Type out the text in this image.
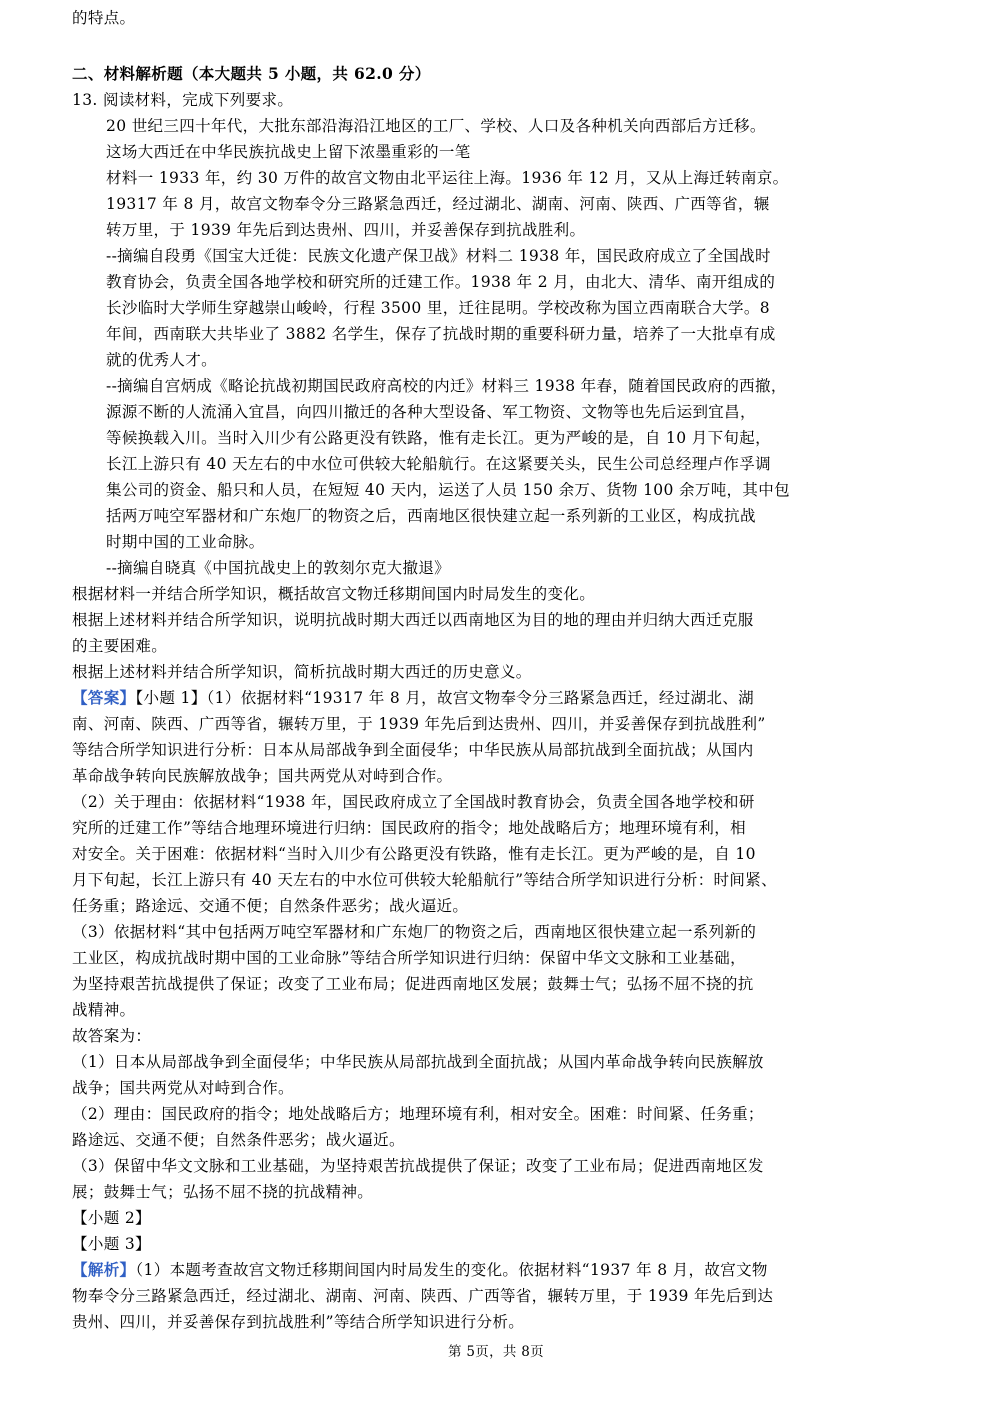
的特点。
二、材料解析题（本大题共 5 小题，共 62.0 分）
13. 阅读材料，完成下列要求。
20 世纪三四十年代，大批东部沿海沿江地区的工厂、学校、人口及各种机关向西部后方迁移。
这场大西迁在中华民族抗战史上留下浓墨重彩的一笔
材料一 1933 年，约 30 万件的故宫文物由北平运往上海。1936 年 12 月，又从上海迁转南京。
19317 年 8 月，故宫文物奉令分三路紧急西迁，经过湖北、湖南、河南、陕西、广西等省，辗
转万里，于 1939 年先后到达贵州、四川，并妥善保存到抗战胜利。
--摘编自段勇《国宝大迁徙：民族文化遗产保卫战》材料二 1938 年，国民政府成立了全国战时
教育协会，负责全国各地学校和研究所的迁建工作。1938 年 2 月，由北大、清华、南开组成的
长沙临时大学师生穿越崇山峻岭，行程 3500 里，迁往昆明。学校改称为国立西南联合大学。8
年间，西南联大共毕业了 3882 名学生，保存了抗战时期的重要科研力量，培养了一大批卓有成
就的优秀人才。
--摘编自宫炳成《略论抗战初期国民政府高校的内迁》材料三 1938 年春，随着国民政府的西撤，
源源不断的人流涌入宜昌，向四川撤迁的各种大型设备、军工物资、文物等也先后运到宜昌，
等候换载入川。当时入川少有公路更没有铁路，惟有走长江。更为严峻的是，自 10 月下旬起，
长江上游只有 40 天左右的中水位可供较大轮船航行。在这紧要关头，民生公司总经理卢作孚调
集公司的资金、船只和人员，在短短 40 天内，运送了人员 150 余万、货物 100 余万吨，其中包
括两万吨空军器材和广东炮厂的物资之后，西南地区很快建立起一系列新的工业区，构成抗战
时期中国的工业命脉。
--摘编自晓真《中国抗战史上的敦刻尔克大撤退》
根据材料一并结合所学知识，概括故宫文物迁移期间国内时局发生的变化。
根据上述材料并结合所学知识，说明抗战时期大西迁以西南地区为目的地的理由并归纳大西迁克服
的主要困难。
根据上述材料并结合所学知识，简析抗战时期大西迁的历史意义。
【答案】【小题 1】（1）依据材料“19317 年 8 月，故宫文物奉令分三路紧急西迁，经过湖北、湖
南、河南、陕西、广西等省，辗转万里，于 1939 年先后到达贵州、四川，并妥善保存到抗战胜利”
等结合所学知识进行分析：日本从局部战争到全面侵华；中华民族从局部抗战到全面抗战；从国内
革命战争转向民族解放战争；国共两党从对峙到合作。
（2）关于理由：依据材料“1938 年，国民政府成立了全国战时教育协会，负责全国各地学校和研
究所的迁建工作”等结合地理环境进行归纳：国民政府的指令；地处战略后方；地理环境有利，相
对安全。关于困难：依据材料“当时入川少有公路更没有铁路，惟有走长江。更为严峻的是，自 10
月下旬起，长江上游只有 40 天左右的中水位可供较大轮船航行”等结合所学知识进行分析：时间紧、
任务重；路途远、交通不便；自然条件恶劣；战火逼近。
（3）依据材料“其中包括两万吨空军器材和广东炮厂的物资之后，西南地区很快建立起一系列新的
工业区，构成抗战时期中国的工业命脉”等结合所学知识进行归纳：保留中华文文脉和工业基础，
为坚持艰苦抗战提供了保证；改变了工业布局；促进西南地区发展；鼓舞士气；弘扬不屈不挠的抗
战精神。
故答案为：
（1）日本从局部战争到全面侵华；中华民族从局部抗战到全面抗战；从国内革命战争转向民族解放
战争；国共两党从对峙到合作。
（2）理由：国民政府的指令；地处战略后方；地理环境有利，相对安全。困难：时间紧、任务重；
路途远、交通不便；自然条件恶劣；战火逼近。
（3）保留中华文文脉和工业基础，为坚持艰苦抗战提供了保证；改变了工业布局；促进西南地区发
展；鼓舞士气；弘扬不屈不挠的抗战精神。
【小题 2】
【小题 3】
【解析】（1）本题考查故宫文物迁移期间国内时局发生的变化。依据材料“1937 年 8 月，故宫文物
物奉令分三路紧急西迁，经过湖北、湖南、河南、陕西、广西等省，辗转万里，于 1939 年先后到达
贵州、四川，并妥善保存到抗战胜利”等结合所学知识进行分析。
第 5页，共 8页
